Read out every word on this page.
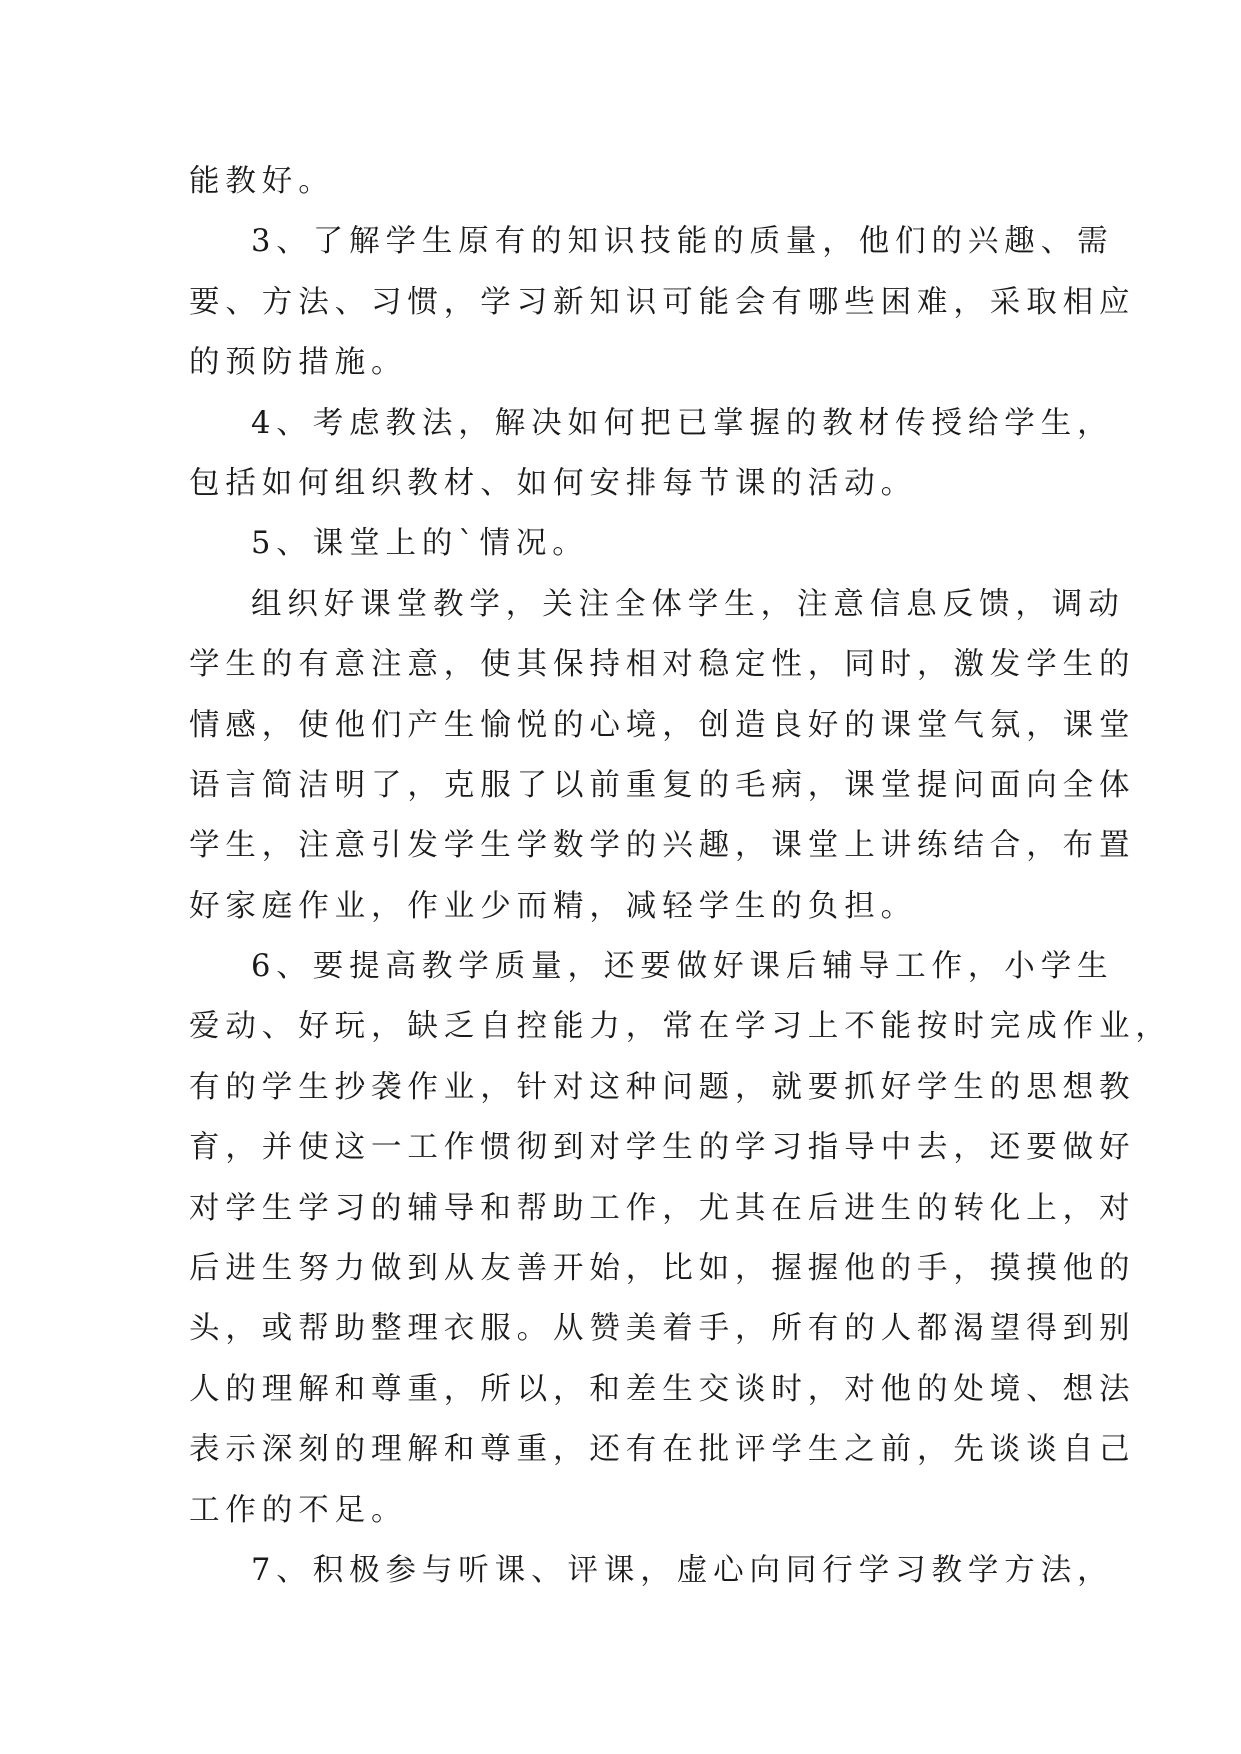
能教好。
3、了解学生原有的知识技能的质量，他们的兴趣、需
要、方法、习惯，学习新知识可能会有哪些困难，采取相应
的预防措施。
4、考虑教法，解决如何把已掌握的教材传授给学生，
包括如何组织教材、如何安排每节课的活动。
5、课堂上的`情况。
组织好课堂教学，关注全体学生，注意信息反馈，调动
学生的有意注意，使其保持相对稳定性，同时，激发学生的
情感，使他们产生愉悦的心境，创造良好的课堂气氛，课堂
语言简洁明了，克服了以前重复的毛病，课堂提问面向全体
学生，注意引发学生学数学的兴趣，课堂上讲练结合，布置
好家庭作业，作业少而精，减轻学生的负担。
6、要提高教学质量，还要做好课后辅导工作，小学生
爱动、好玩，缺乏自控能力，常在学习上不能按时完成作业，
有的学生抄袭作业，针对这种问题，就要抓好学生的思想教
育，并使这一工作惯彻到对学生的学习指导中去，还要做好
对学生学习的辅导和帮助工作，尤其在后进生的转化上，对
后进生努力做到从友善开始，比如，握握他的手，摸摸他的
头，或帮助整理衣服。从赞美着手，所有的人都渴望得到别
人的理解和尊重，所以，和差生交谈时，对他的处境、想法
表示深刻的理解和尊重，还有在批评学生之前，先谈谈自己
工作的不足。
7、积极参与听课、评课，虚心向同行学习教学方法，
